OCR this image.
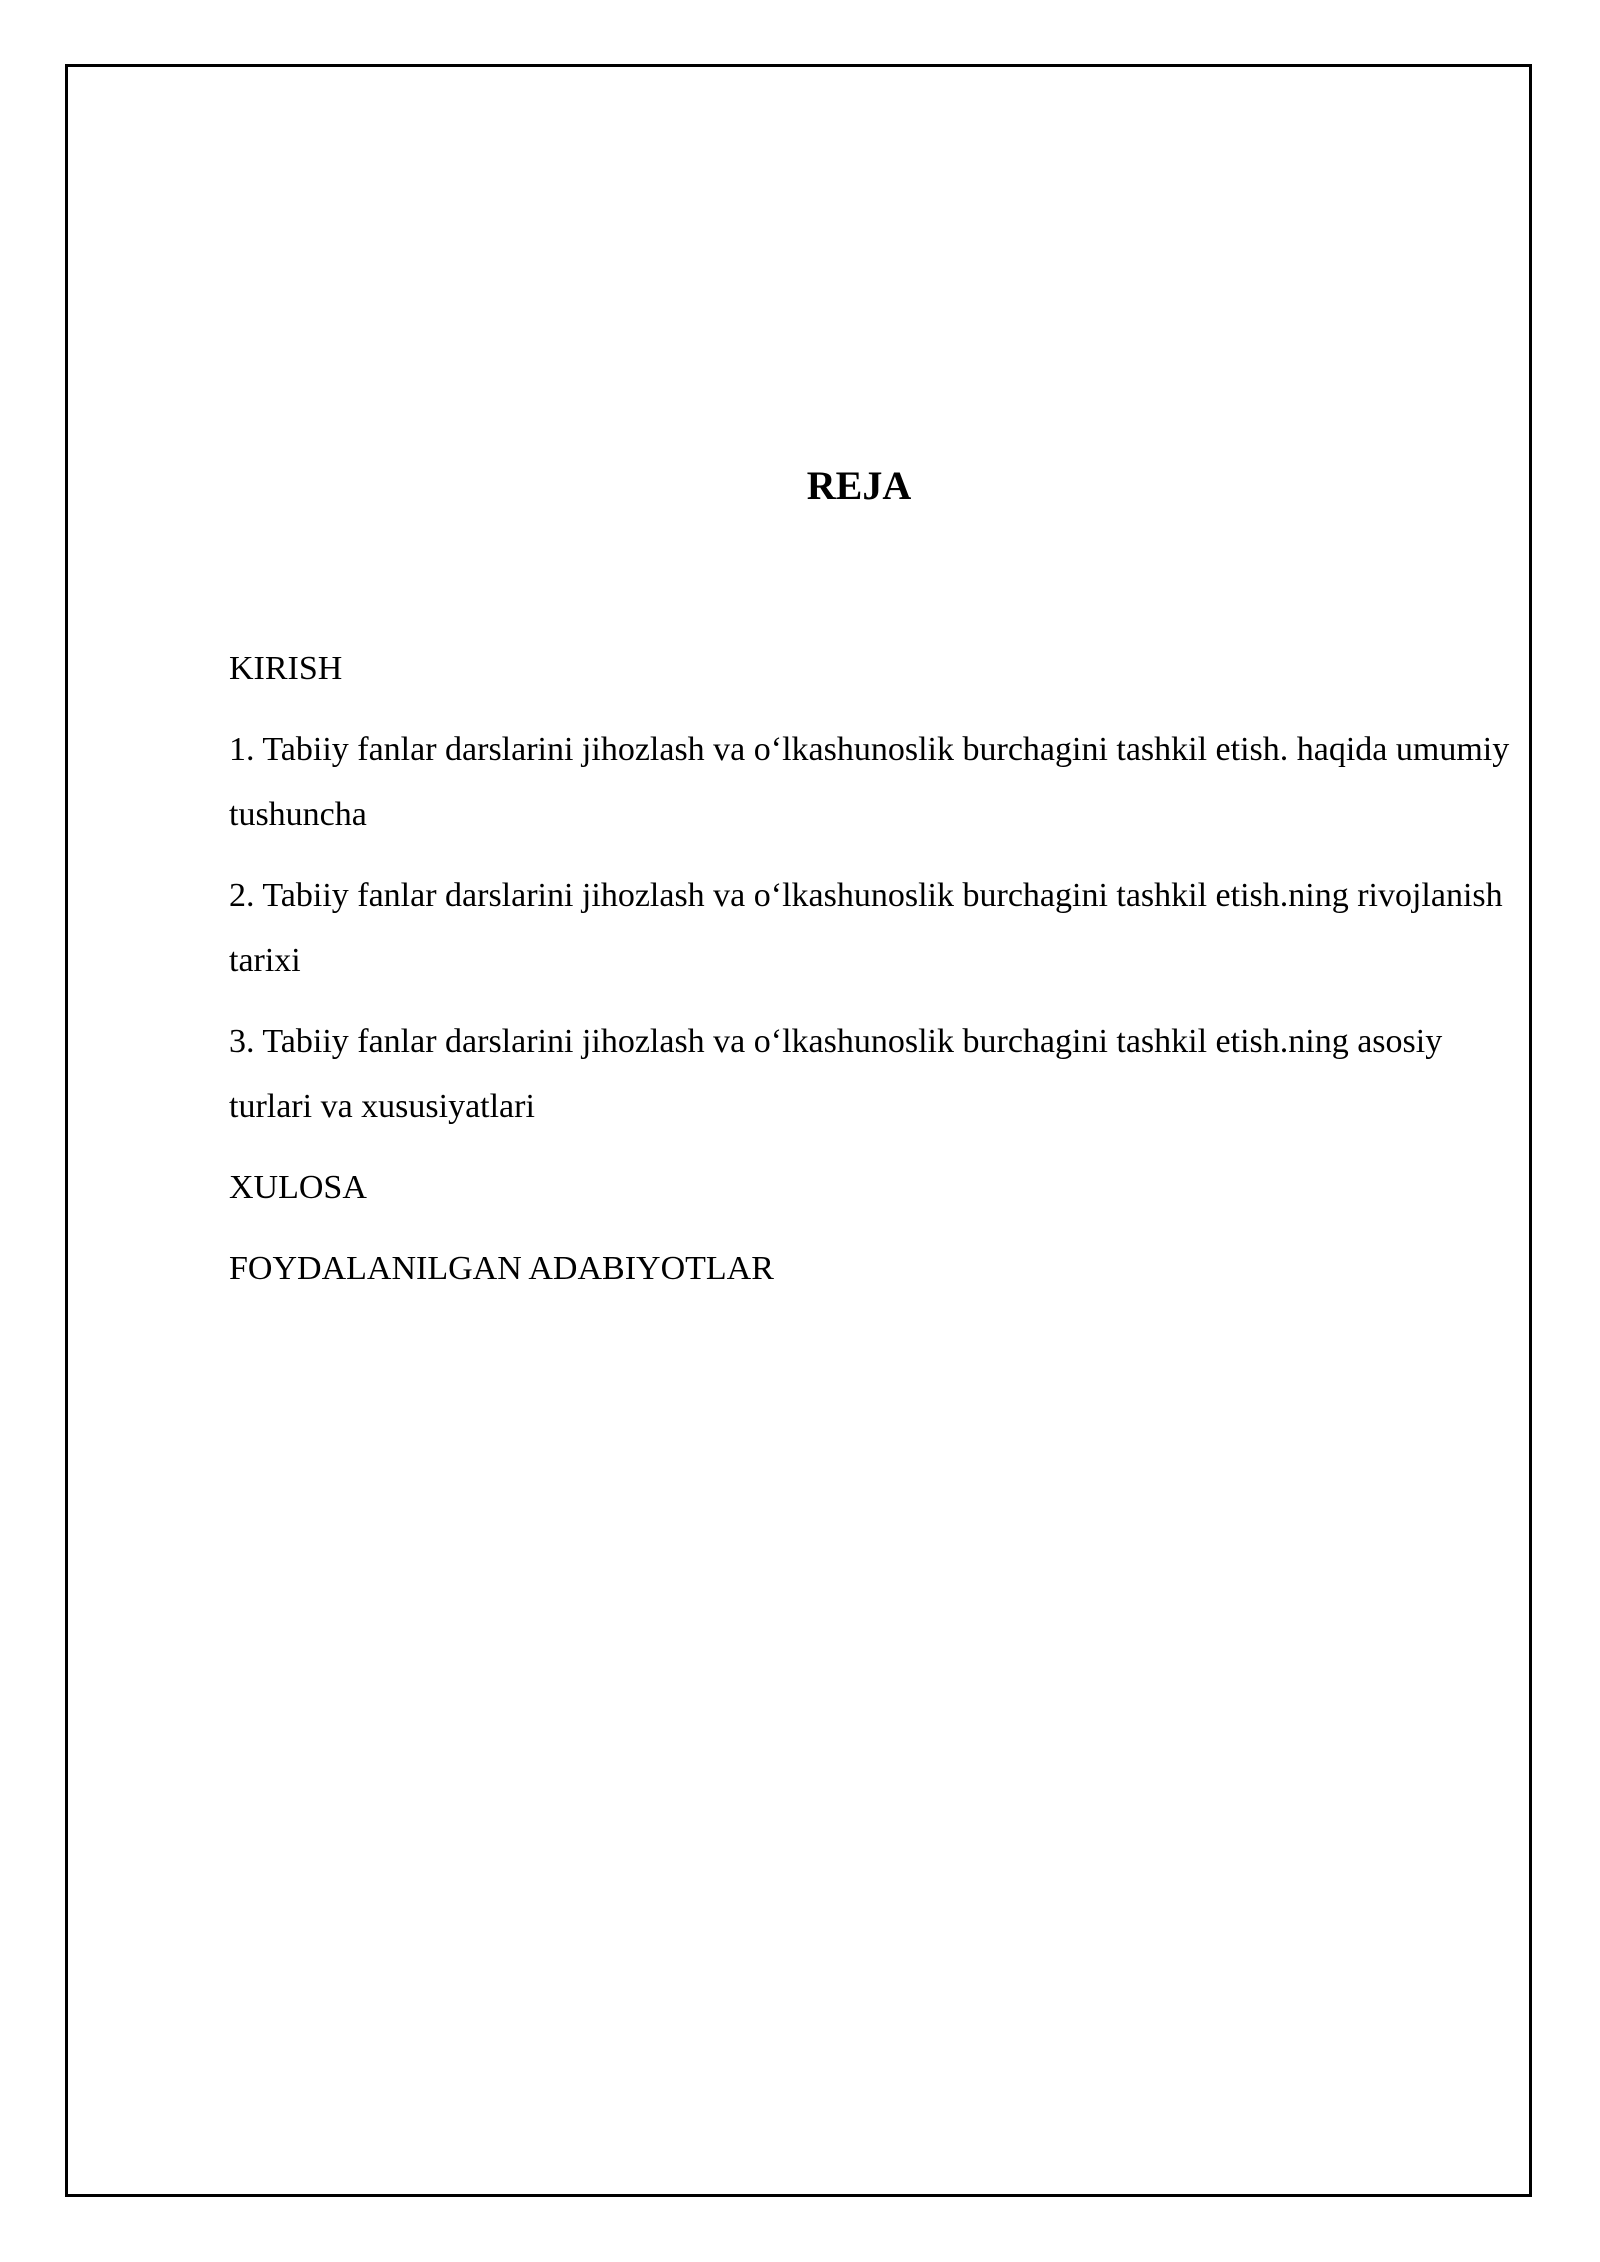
REJA
KIRISH
1. Tabiiy fanlar darslarini jihozlash va o‘lkashunoslik burchagini tashkil etish. haqida umumiy tushuncha
2. Tabiiy fanlar darslarini jihozlash va o‘lkashunoslik burchagini tashkil etish.ning rivojlanish tarixi
3. Tabiiy fanlar darslarini jihozlash va o‘lkashunoslik burchagini tashkil etish.ning asosiy turlari va xususiyatlari
XULOSA
FOYDALANILGAN ADABIYOTLAR
